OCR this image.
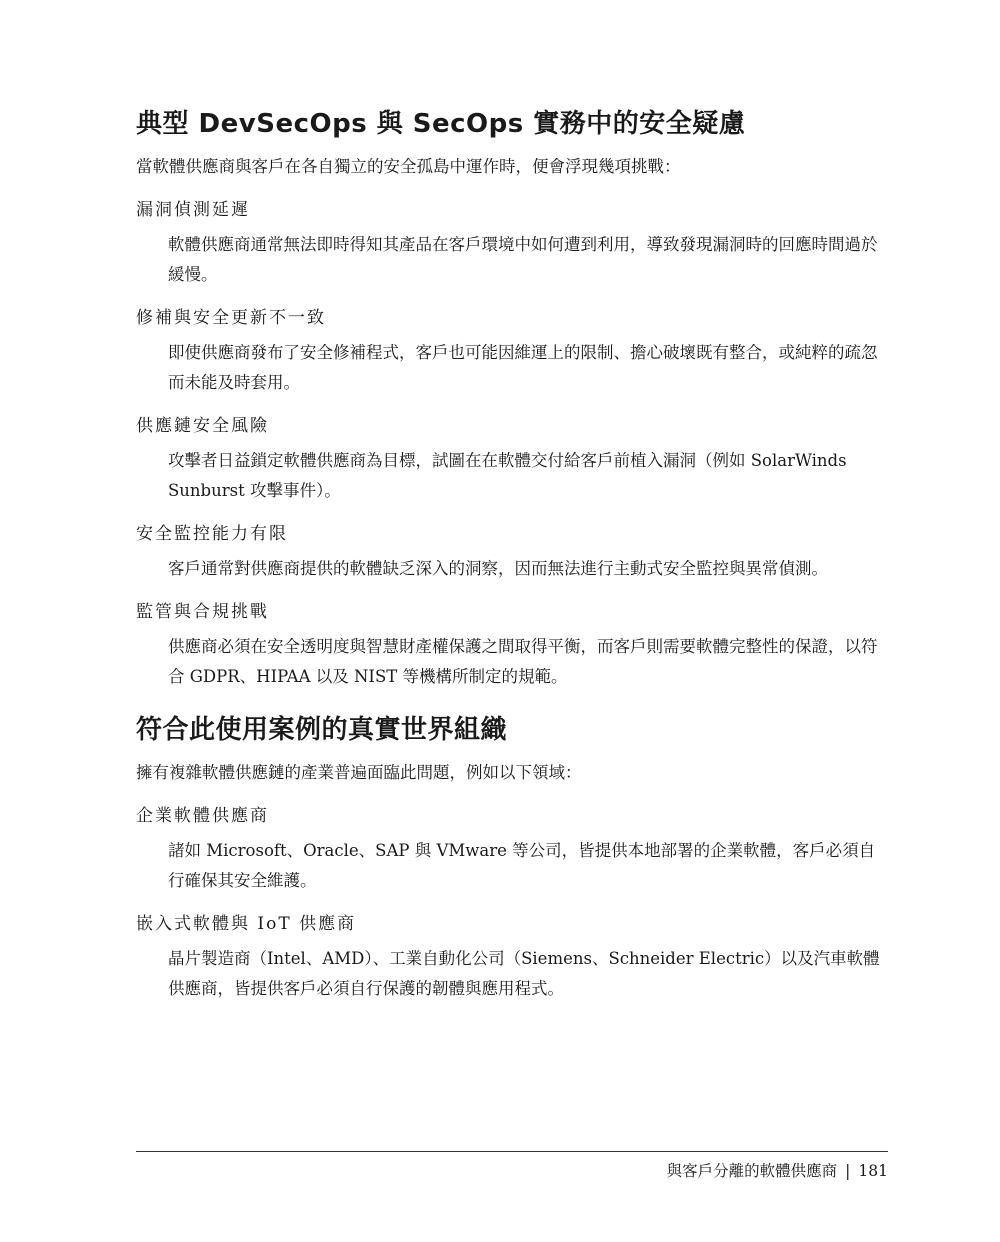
典型 DevSecOps 與 SecOps 實務中的安全疑慮

當軟體供應商與客戶在各自獨立的安全孤島中運作時，便會浮現幾項挑戰：

漏洞偵測延遲

軟體供應商通常無法即時得知其產品在客戶環境中如何遭到利用，導致發現漏洞時的回應時間過於緩慢。

修補與安全更新不一致

即使供應商發布了安全修補程式，客戶也可能因維運上的限制、擔心破壞既有整合，或純粹的疏忽而未能及時套用。

供應鏈安全風險

攻擊者日益鎖定軟體供應商為目標，試圖在在軟體交付給客戶前植入漏洞（例如 SolarWinds Sunburst 攻擊事件）。

安全監控能力有限

客戶通常對供應商提供的軟體缺乏深入的洞察，因而無法進行主動式安全監控與異常偵測。

監管與合規挑戰

供應商必須在安全透明度與智慧財產權保護之間取得平衡，而客戶則需要軟體完整性的保證，以符合 GDPR、HIPAA 以及 NIST 等機構所制定的規範。

符合此使用案例的真實世界組織

擁有複雜軟體供應鏈的產業普遍面臨此問題，例如以下領域：

企業軟體供應商

諸如 Microsoft、Oracle、SAP 與 VMware 等公司，皆提供本地部署的企業軟體，客戶必須自行確保其安全維護。

嵌入式軟體與 IoT 供應商

晶片製造商（Intel、AMD）、工業自動化公司（Siemens、Schneider Electric）以及汽車軟體供應商，皆提供客戶必須自行保護的韌體與應用程式。

與客戶分離的軟體供應商 | 181
